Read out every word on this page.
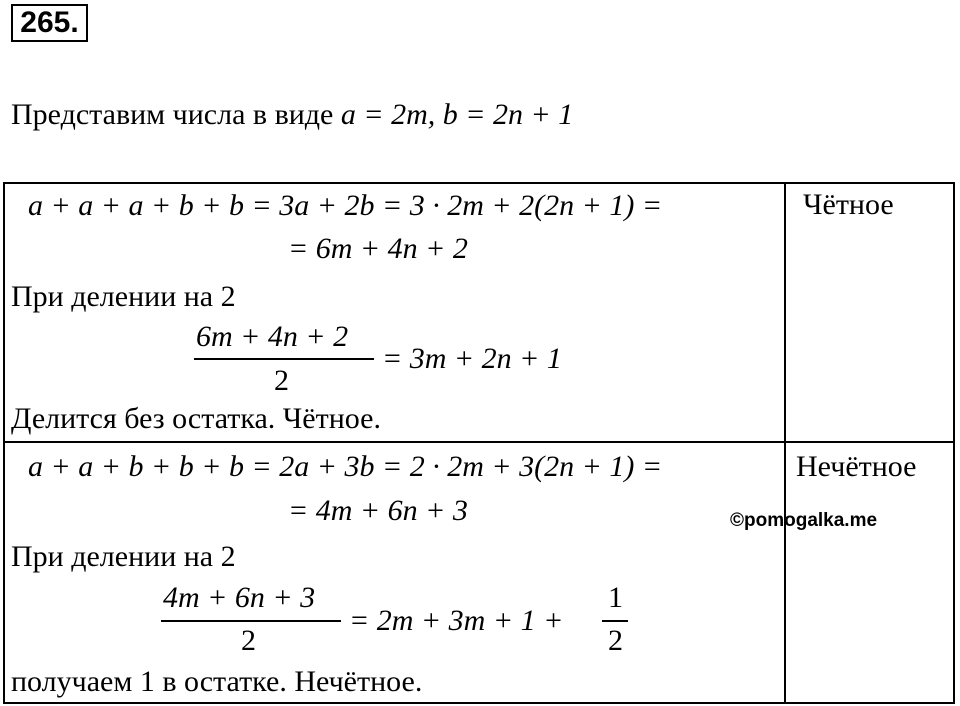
265.
Представим числа в виде a = 2m, b = 2n + 1
a + a + a + b + b = 3a + 2b = 3 · 2m + 2(2n + 1) =
= 6m + 4n + 2
При делении на 2
6m + 4n + 2
2
= 3m + 2n + 1
Делится без остатка. Чётное.
Чётное
a + a + b + b + b = 2a + 3b = 2 · 2m + 3(2n + 1) =
= 4m + 6n + 3
При делении на 2
4m + 6n + 3
2
= 2m + 3m + 1 +
1
2
получаем 1 в остатке. Нечётное.
Нечётное
©pomogalka.me
